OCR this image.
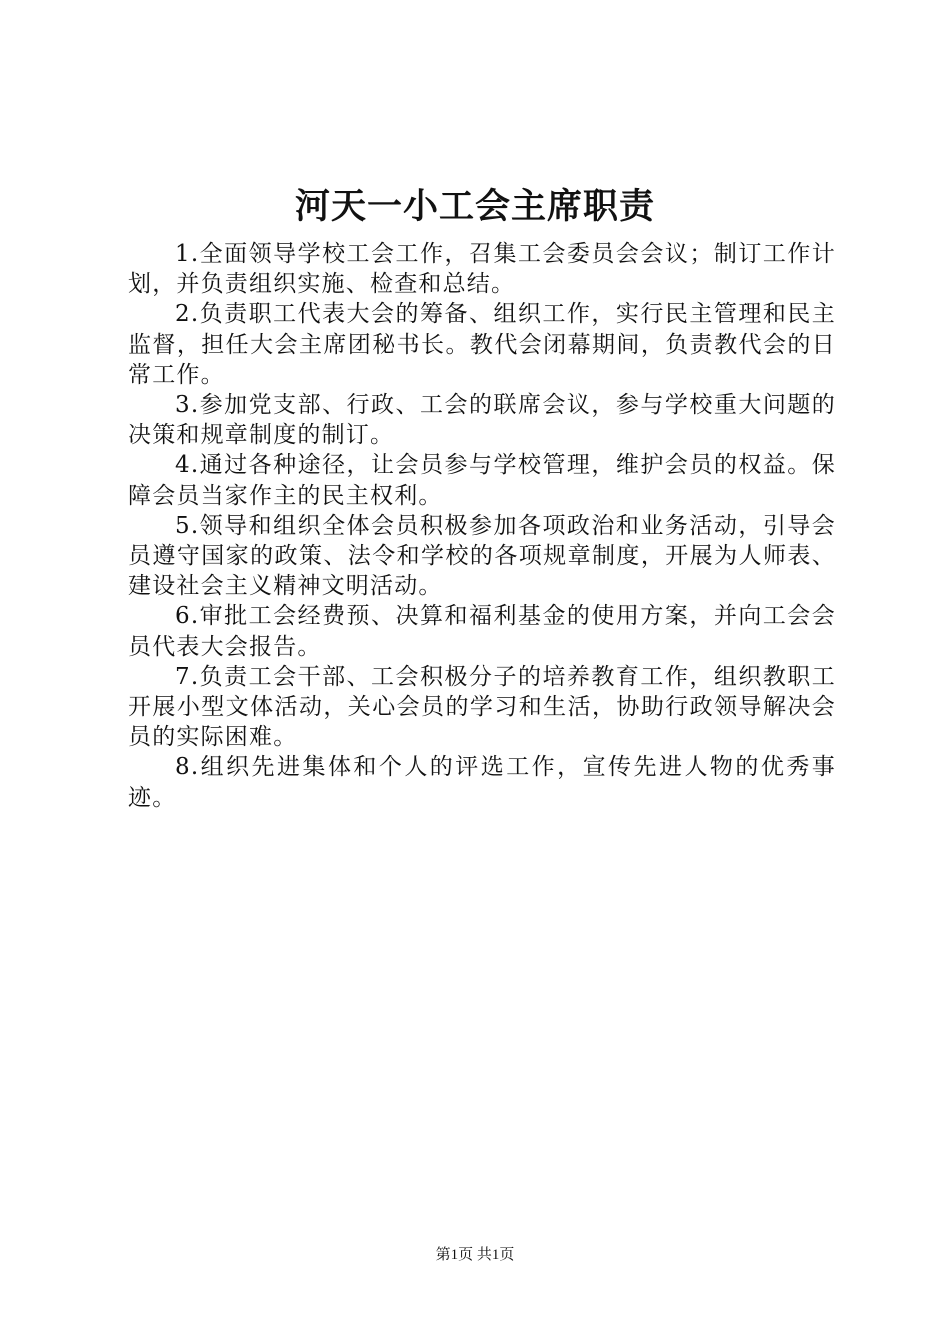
河天一小工会主席职责

1.全面领导学校工会工作，召集工会委员会会议；制订工作计划，并负责组织实施、检查和总结。

2.负责职工代表大会的筹备、组织工作，实行民主管理和民主监督，担任大会主席团秘书长。教代会闭幕期间，负责教代会的日常工作。

3.参加党支部、行政、工会的联席会议，参与学校重大问题的决策和规章制度的制订。

4.通过各种途径，让会员参与学校管理，维护会员的权益。保障会员当家作主的民主权利。

5.领导和组织全体会员积极参加各项政治和业务活动，引导会员遵守国家的政策、法令和学校的各项规章制度，开展为人师表、建设社会主义精神文明活动。

6.审批工会经费预、决算和福利基金的使用方案，并向工会会员代表大会报告。

7.负责工会干部、工会积极分子的培养教育工作，组织教职工开展小型文体活动，关心会员的学习和生活，协助行政领导解决会员的实际困难。

8.组织先进集体和个人的评选工作，宣传先进人物的优秀事迹。

第1页 共1页
